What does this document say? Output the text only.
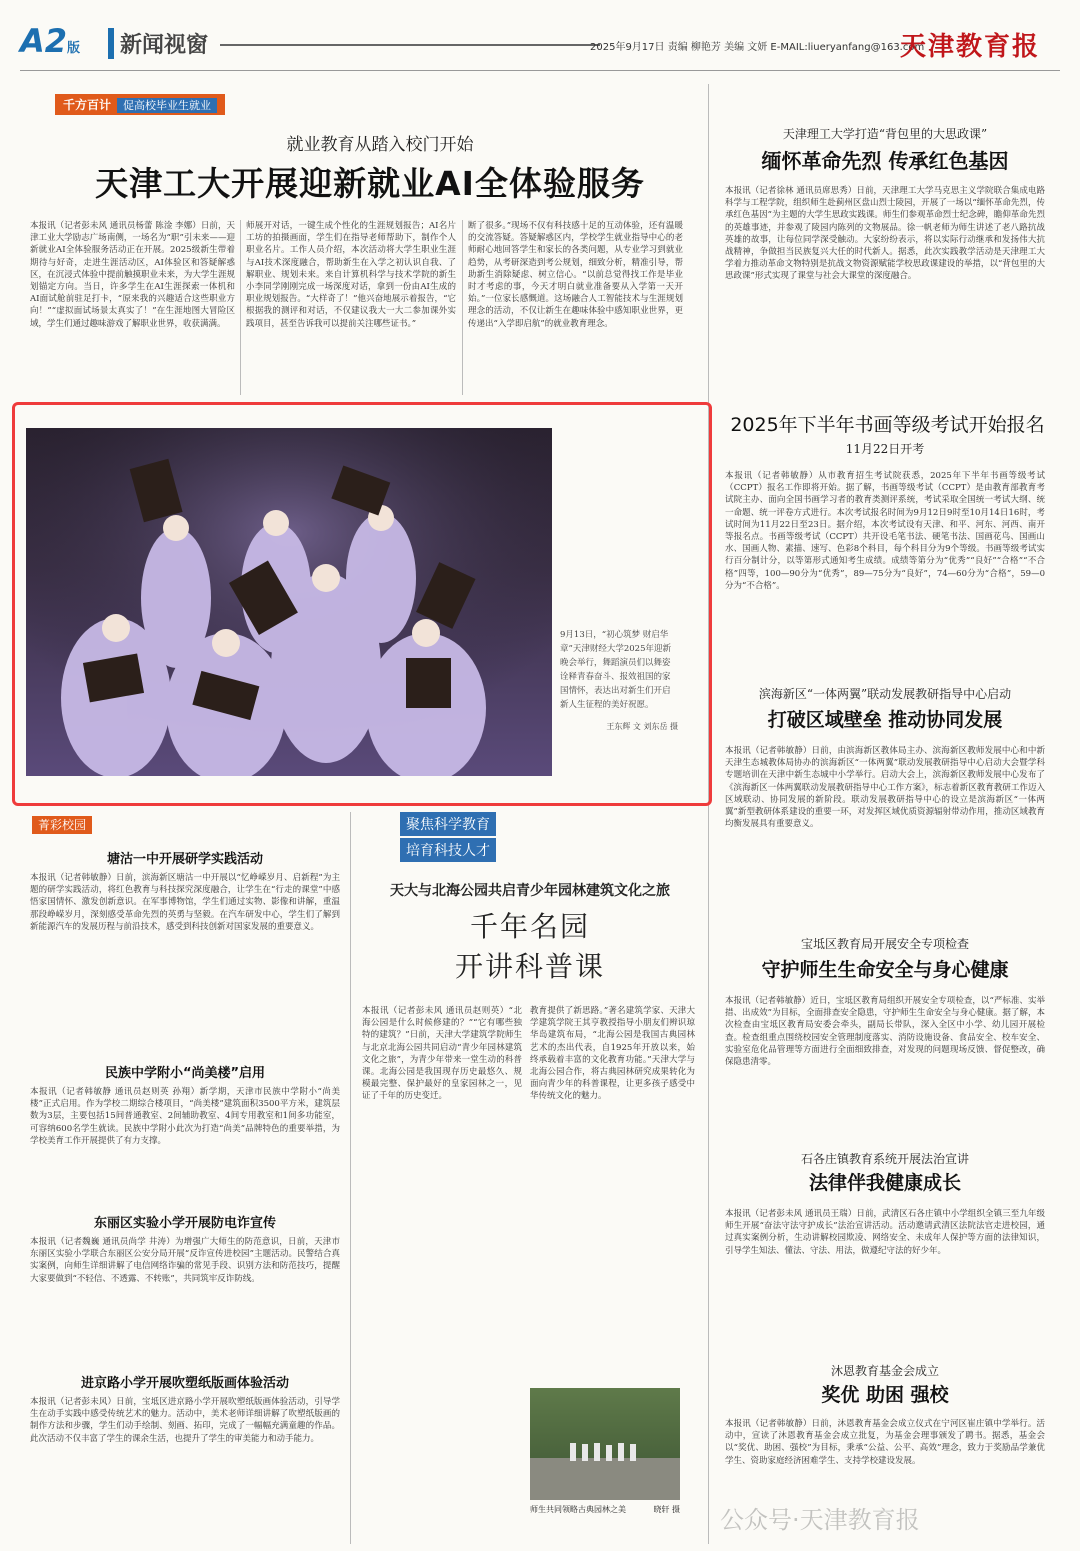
A2版	新闻视窗	2025年9月17日 责编 柳艳芳 美编 文妍 E-MAIL:liueryanfang@163.com
天津教育报
千方百计 促高校毕业生就业
就业教育从踏入校门开始
天津工大开展迎新就业AI全体验服务
本报讯（记者彭未风 通讯员杨蕾 陈淦 李娜）日前，天津工业大学励志广场南侧，一场名为“职”引未来——迎新就业AI全体验服务活动正在开展。2025级新生带着期待与好奇，走进生涯活动区，AI体验区和答疑解惑区，在沉浸式体验中提前触摸职业未来，为大学生涯规划锚定方向。当日，许多学生在AI生涯探索一体机和AI面试舱前驻足打卡，“原来我的兴趣适合这些职业方向！”“虚拟面试场景太真实了！”在生涯地图大冒险区域，学生们通过趣味游戏了解职业世界，收获满满。
师展开对话，一键生成个性化的生涯规划报告；AI名片工坊的拍摄画面，学生们在指导老师帮助下，制作个人职业名片。工作人员介绍，本次活动将大学生职业生涯与AI技术深度融合，帮助新生在入学之初认识自我、了解职业、规划未来。来自计算机科学与技术学院的新生小李同学刚刚完成一场深度对话，拿到一份由AI生成的职业规划报告。“大样奇了！”他兴奋地展示着报告，“它根据我的测评和对话，不仅建议我大一大二参加课外实践项目，甚至告诉我可以提前关注哪些证书。”
断了很多。”现场不仅有科技感十足的互动体验，还有温暖的交流答疑。答疑解惑区内，学校学生就业指导中心的老师耐心地回答学生和家长的各类问题，从专业学习到就业趋势，从考研深造到考公规划，细致分析，精准引导，帮助新生消除疑虑、树立信心。“以前总觉得找工作是毕业时才考虑的事，今天才明白就业准备要从入学第一天开始。”一位家长感慨道。这场融合人工智能技术与生涯规划理念的活动，不仅让新生在趣味体验中感知职业世界，更传递出“入学即启航”的就业教育理念。
9月13日，“初心筑梦 财启华章”天津财经大学2025年迎新晚会举行，舞蹈演员们以舞姿诠释青春奋斗、报效祖国的家国情怀，表达出对新生们开启新人生征程的美好祝愿。
王东辉 文 刘东岳 摄
天津理工大学打造“背包里的大思政课”
缅怀革命先烈 传承红色基因
本报讯（记者徐林 通讯员席思秀）日前，天津理工大学马克思主义学院联合集成电路科学与工程学院，组织师生赴蓟州区盘山烈士陵园，开展了一场以“缅怀革命先烈，传承红色基因”为主题的大学生思政实践课。师生们参观革命烈士纪念碑，瞻仰革命先烈的英雄事迹，并参观了陵园内陈列的文物展品。徐一帆老师为师生讲述了老八路抗战英雄的故事，让每位同学深受触动。大家纷纷表示，将以实际行动继承和发扬伟大抗战精神，争做担当民族复兴大任的时代新人。据悉，此次实践教学活动是天津理工大学着力推动革命文物特别是抗战文物资源赋能学校思政课建设的举措，以“背包里的大思政课”形式实现了课堂与社会大课堂的深度融合。
2025年下半年书画等级考试开始报名
11月22日开考
本报讯（记者韩敏静）从市教育招生考试院获悉，2025年下半年书画等级考试（CCPT）报名工作即将开始。据了解，书画等级考试（CCPT）是由教育部教育考试院主办、面向全国书画学习者的教育类测评系统，考试采取全国统一考试大纲、统一命题、统一评卷方式进行。本次考试报名时间为9月12日9时至10月14日16时，考试时间为11月22日至23日。据介绍，本次考试设有天津、和平、河东、河西、南开等报名点。书画等级考试（CCPT）共开设毛笔书法、硬笔书法、国画花鸟、国画山水、国画人物、素描、速写、色彩8个科目，每个科目分为9个等级。书画等级考试实行百分制计分，以等第形式通知考生成绩。成绩等第分为“优秀”“良好”“合格”“不合格”四等，100—90分为“优秀”，89—75分为“良好”，74—60分为“合格”，59—0分为“不合格”。
滨海新区“一体两翼”联动发展教研指导中心启动
打破区域壁垒 推动协同发展
本报讯（记者韩敏静）日前，由滨海新区教体局主办、滨海新区教师发展中心和中新天津生态城教体局协办的滨海新区“一体两翼”联动发展教研指导中心启动大会暨学科专题培训在天津中新生态城中小学举行。启动大会上，滨海新区教师发展中心发布了《滨海新区一体两翼联动发展教研指导中心工作方案》，标志着新区教育教研工作迈入区域联动、协同发展的新阶段。联动发展教研指导中心的设立是滨海新区“一体两翼”新型教研体系建设的重要一环，对发挥区域优质资源辐射带动作用，推动区域教育均衡发展具有重要意义。
宝坻区教育局开展安全专项检查
守护师生生命安全与身心健康
本报讯（记者韩敏静）近日，宝坻区教育局组织开展安全专项检查，以“严标准、实举措、出成效”为目标，全面排查安全隐患，守护师生生命安全与身心健康。据了解，本次检查由宝坻区教育局安委会牵头，副局长带队，深入全区中小学、幼儿园开展检查。检查组重点围绕校园安全管理制度落实、消防设施设备、食品安全、校车安全、实验室危化品管理等方面进行全面细致排查，对发现的问题现场反馈、督促整改，确保隐患清零。
石各庄镇教育系统开展法治宣讲
法律伴我健康成长
本报讯（记者彭未风 通讯员王瑞）日前，武清区石各庄镇中小学组织全镇三至九年级师生开展“奋法守法守护成长”法治宣讲活动。活动邀请武清区法院法官走进校园，通过真实案例分析，生动讲解校园欺凌、网络安全、未成年人保护等方面的法律知识，引导学生知法、懂法、守法、用法，做遵纪守法的好少年。
沐恩教育基金会成立
奖优 助困 强校
本报讯（记者韩敏静）日前，沐恩教育基金会成立仪式在宁河区崔庄镇中学举行。活动中，宣读了沐恩教育基金会成立批复，为基金会理事颁发了聘书。据悉，基金会以“奖优、助困、强校”为目标，秉承“公益、公平、高效”理念，致力于奖励品学兼优学生、资助家庭经济困难学生、支持学校建设发展。
菁彩校园
塘沽一中开展研学实践活动
本报讯（记者韩敏静）日前，滨海新区塘沽一中开展以“忆峥嵘岁月、启新程”为主题的研学实践活动，将红色教育与科技探究深度融合，让学生在“行走的课堂”中感悟家国情怀、激发创新意识。在军事博物馆，学生们通过实物、影像和讲解，重温那段峥嵘岁月，深刻感受革命先烈的英勇与坚毅。在汽车研发中心，学生们了解到新能源汽车的发展历程与前沿技术，感受到科技创新对国家发展的重要意义。
民族中学附小“尚美楼”启用
本报讯（记者韩敏静 通讯员赵则英 孙翔）新学期，天津市民族中学附小“尚美楼”正式启用。作为学校二期综合楼项目，“尚美楼”建筑面积3500平方米，建筑层数为3层，主要包括15间普通教室、2间辅助教室、4间专用教室和1间多功能室，可容纳600名学生就读。民族中学附小此次为打造“尚美”品牌特色的重要举措，为学校美育工作开展提供了有力支撑。
东丽区实验小学开展防电诈宣传
本报讯（记者魏巍 通讯员尚学 井涛）为增强广大师生的防范意识，日前，天津市东丽区实验小学联合东丽区公安分局开展“反诈宣传进校园”主题活动。民警结合真实案例，向师生详细讲解了电信网络诈骗的常见手段、识别方法和防范技巧，提醒大家要做到“不轻信、不透露、不转账”，共同筑牢反诈防线。
进京路小学开展吹塑纸版画体验活动
本报讯（记者彭未风）日前，宝坻区进京路小学开展吹塑纸版画体验活动，引导学生在动手实践中感受传统艺术的魅力。活动中，美术老师详细讲解了吹塑纸版画的制作方法和步骤，学生们动手绘制、刻画、拓印，完成了一幅幅充满童趣的作品。此次活动不仅丰富了学生的课余生活，也提升了学生的审美能力和动手能力。
聚焦科学教育
培育科技人才
天大与北海公园共启青少年园林建筑文化之旅
千年名园
开讲科普课
本报讯（记者彭未风 通讯员赵则英）“北海公园是什么时候修建的？”“它有哪些独特的建筑？”日前，天津大学建筑学院师生与北京北海公园共同启动“青少年园林建筑文化之旅”，为青少年带来一堂生动的科普课。北海公园是我国现存历史最悠久、规模最完整、保护最好的皇家园林之一，见证了千年的历史变迁。
教育提供了新思路。”著名建筑学家、天津大学建筑学院王其亨教授指导小朋友们辨识琼华岛建筑布局，“北海公园是我国古典园林艺术的杰出代表，自1925年开放以来，始终承载着丰富的文化教育功能。”天津大学与北海公园合作，将古典园林研究成果转化为面向青少年的科普课程，让更多孩子感受中华传统文化的魅力。
师生共同领略古典园林之美	晓轩 摄 公众号·天津教育报
